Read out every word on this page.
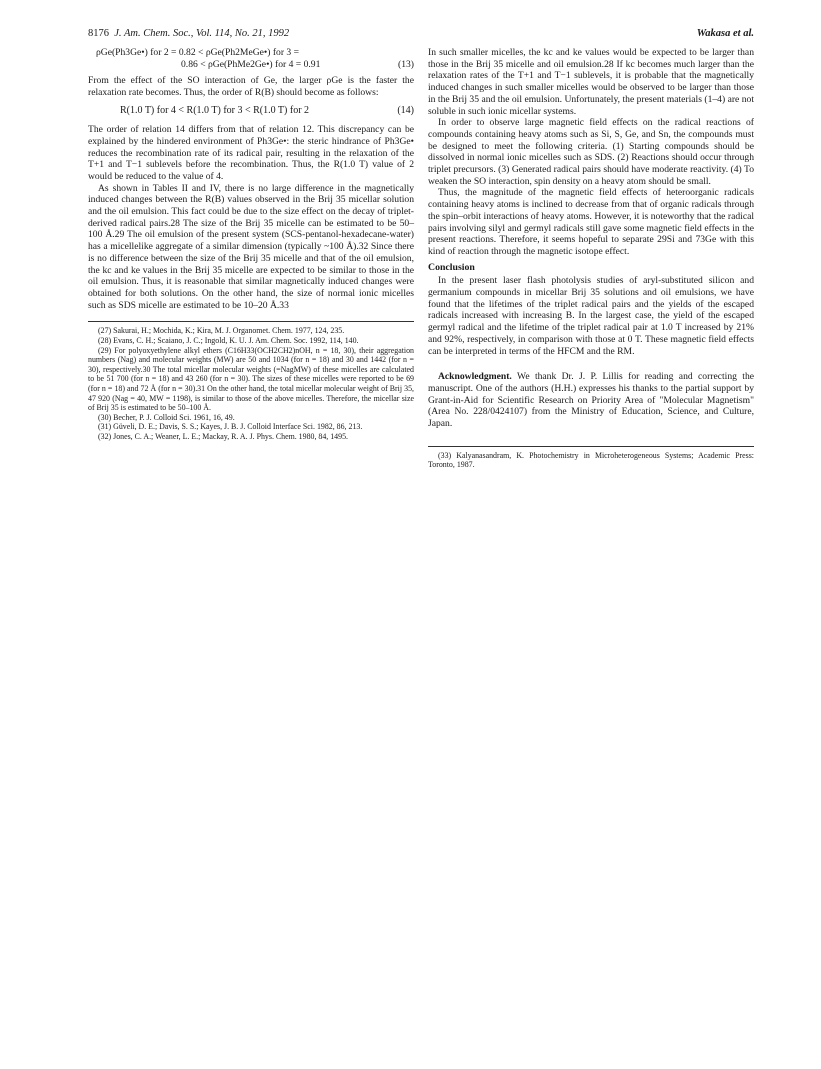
8176 J. Am. Chem. Soc., Vol. 114, No. 21, 1992	Wakasa et al.

ρGe(Ph3Ge•) for 2 = 0.82 < ρGe(Ph2MeGe•) for 3 =

0.86 < ρGe(PhMe2Ge•) for 4 = 0.91	(13)

From the effect of the SO interaction of Ge, the larger ρGe is the faster the relaxation rate becomes. Thus, the order of R(B) should become as follows:

R(1.0 T) for 4 < R(1.0 T) for 3 < R(1.0 T) for 2	(14)

The order of relation 14 differs from that of relation 12. This discrepancy can be explained by the hindered environment of Ph3Ge•: the steric hindrance of Ph3Ge• reduces the recombination rate of its radical pair, resulting in the relaxation of the T+1 and T−1 sublevels before the recombination. Thus, the R(1.0 T) value of 2 would be reduced to the value of 4.

As shown in Tables II and IV, there is no large difference in the magnetically induced changes between the R(B) values observed in the Brij 35 micellar solution and the oil emulsion. This fact could be due to the size effect on the decay of triplet-derived radical pairs.28 The size of the Brij 35 micelle can be estimated to be 50–100 Å.29 The oil emulsion of the present system (SCS-pentanol-hexadecane-water) has a micellelike aggregate of a similar dimension (typically ~100 Å).32 Since there is no difference between the size of the Brij 35 micelle and that of the oil emulsion, the kc and ke values in the Brij 35 micelle are expected to be similar to those in the oil emulsion. Thus, it is reasonable that similar magnetically induced changes were obtained for both solutions. On the other hand, the size of normal ionic micelles such as SDS micelle are estimated to be 10–20 Å.33

(27) Sakurai, H.; Mochida, K.; Kira, M. J. Organomet. Chem. 1977, 124, 235.

(28) Evans, C. H.; Scaiano, J. C.; Ingold, K. U. J. Am. Chem. Soc. 1992, 114, 140.

(29) For polyoxyethylene alkyl ethers (C16H33(OCH2CH2)nOH, n = 18, 30), their aggregation numbers (Nag) and molecular weights (MW) are 50 and 1034 (for n = 18) and 30 and 1442 (for n = 30), respectively.30 The total micellar molecular weights (=NagMW) of these micelles are calculated to be 51 700 (for n = 18) and 43 260 (for n = 30). The sizes of these micelles were reported to be 69 (for n = 18) and 72 Å (for n = 30).31 On the other hand, the total micellar molecular weight of Brij 35, 47 920 (Nag = 40, MW = 1198), is similar to those of the above micelles. Therefore, the micellar size of Brij 35 is estimated to be 50–100 Å.

(30) Becher, P. J. Colloid Sci. 1961, 16, 49.

(31) Güveli, D. E.; Davis, S. S.; Kayes, J. B. J. Colloid Interface Sci. 1982, 86, 213.

(32) Jones, C. A.; Weaner, L. E.; Mackay, R. A. J. Phys. Chem. 1980, 84, 1495.

In such smaller micelles, the kc and ke values would be expected to be larger than those in the Brij 35 micelle and oil emulsion.28 If kc becomes much larger than the relaxation rates of the T+1 and T−1 sublevels, it is probable that the magnetically induced changes in such smaller micelles would be observed to be larger than those in the Brij 35 and the oil emulsion. Unfortunately, the present materials (1–4) are not soluble in such ionic micellar systems.

In order to observe large magnetic field effects on the radical reactions of compounds containing heavy atoms such as Si, S, Ge, and Sn, the compounds must be designed to meet the following criteria. (1) Starting compounds should be dissolved in normal ionic micelles such as SDS. (2) Reactions should occur through triplet precursors. (3) Generated radical pairs should have moderate reactivity. (4) To weaken the SO interaction, spin density on a heavy atom should be small.

Thus, the magnitude of the magnetic field effects of heteroorganic radicals containing heavy atoms is inclined to decrease from that of organic radicals through the spin–orbit interactions of heavy atoms. However, it is noteworthy that the radical pairs involving silyl and germyl radicals still gave some magnetic field effects in the present reactions. Therefore, it seems hopeful to separate 29Si and 73Ge with this kind of reaction through the magnetic isotope effect.

Conclusion

In the present laser flash photolysis studies of aryl-substituted silicon and germanium compounds in micellar Brij 35 solutions and oil emulsions, we have found that the lifetimes of the triplet radical pairs and the yields of the escaped radicals increased with increasing B. In the largest case, the yield of the escaped germyl radical and the lifetime of the triplet radical pair at 1.0 T increased by 21% and 92%, respectively, in comparison with those at 0 T. These magnetic field effects can be interpreted in terms of the HFCM and the RM.

Acknowledgment. We thank Dr. J. P. Lillis for reading and correcting the manuscript. One of the authors (H.H.) expresses his thanks to the partial support by Grant-in-Aid for Scientific Research on Priority Area of "Molecular Magnetism" (Area No. 228/0424107) from the Ministry of Education, Science, and Culture, Japan.

(33) Kalyanasandram, K. Photochemistry in Microheterogeneous Systems; Academic Press: Toronto, 1987.
